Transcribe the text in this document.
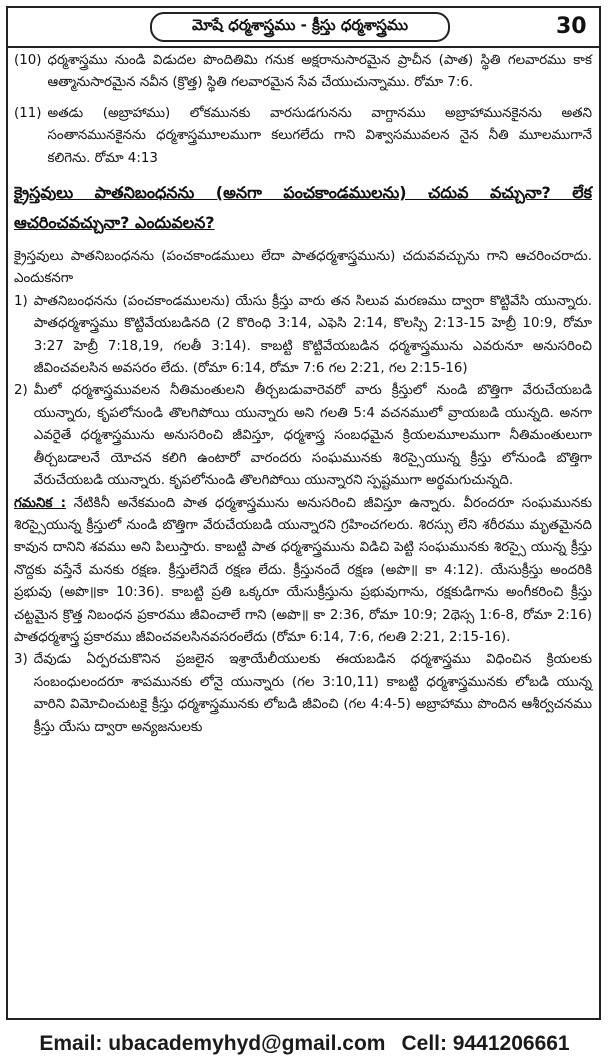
మోషే ధర్మశాస్త్రము - క్రీస్తు ధర్మశాస్త్రము	30
(10) ధర్మశాస్త్రము నుండి విడుదల పొందితిమి గనుక అక్షరానుసారమైన ప్రాచీన (పాత) స్థితి గలవారము కాక ఆత్మానుసారమైన నవీన (క్రొత్త) స్థితి గలవారమైన సేవ చేయుచున్నాము. రోమా 7:6.
(11) అతడు (అబ్రాహాము) లోకమునకు వారసుడగునను వాగ్దానము అబ్రాహామునకైనను అతని సంతానమునకైనను ధర్మశాస్త్రమూలముగా కలుగలేదు గాని విశ్వాసమువలన నైన నీతి మూలముగానే కలిగెను. రోమా 4:13

క్రైస్తవులు పాతనిబంధనను (అనగా పంచకాండములను) చదువ వచ్చునా? లేక ఆచరించవచ్చునా? ఎందువలన?

క్రైస్తవులు పాతనిబంధనను (పంచకాండములు లేదా పాతధర్మశాస్త్రమును) చదువవచ్చును గాని ఆచరించరాదు. ఎందుకనగా

1) పాతనిబంధనను (పంచకాండములను) యేసు క్రీస్తు వారు తన సిలువ మరణము ద్వారా కొట్టివేసి యున్నారు. పాతధర్మశాస్త్రము కొట్టివేయబడినది (2 కొరింధి 3:14, ఎఫెసి 2:14, కొలస్సి 2:13-15 హెబ్రీ 10:9, రోమా 3:27 హెబ్రీ 7:18,19, గలతీ 3:14). కాబట్టి కొట్టివేయబడిన ధర్మశాస్త్రమును ఎవరునూ అనుసరించి జీవించవలసిన అవసరం లేదు. (రోమా 6:14, రోమా 7:6 గల 2:21, గల 2:15-16)
2) మీలో ధర్మశాస్త్రమువలన నీతిమంతులని తీర్చబడువారెవరో వారు క్రీస్తులో నుండి బొత్తిగా వేరుచేయబడి యున్నారు, కృపలోనుండి తొలగిపోయి యున్నారు అని గలతి 5:4 వచనములో వ్రాయబడి యున్నది. అనగా ఎవరైతే ధర్మశాస్త్రమును అనుసరించి జీవిస్తూ, ధర్మశాస్త్ర సంబధమైన క్రియలమూలముగా నీతిమంతులుగా తీర్చబడాలనే యోచన కలిగి ఉంటారో వారందరు సంఘమునకు శిరస్సైయున్న క్రీస్తు లోనుండి బొత్తిగా వేరుచేయబడి యున్నారు. కృపలోనుండి తొలగిపోయి యున్నారని స్పష్టముగా అర్థమగుచున్నది.

గమనిక : నేటికినీ అనేకమంది పాత ధర్మశాస్త్రమును అనుసరించి జీవిస్తూ ఉన్నారు. వీరందరూ సంఘమునకు శిరస్సైయున్న క్రీస్తులో నుండి బొత్తిగా వేరుచేయబడి యున్నారని గ్రహించగలరు. శిరస్సు లేని శరీరము మృతమైనది కావున దానిని శవము అని పిలుస్తారు. కాబట్టి పాత ధర్మశాస్త్రమును విడిచి పెట్టి సంఘమునకు శిరస్సై యున్న క్రీస్తు నొద్దకు వస్తేనే మనకు రక్షణ. క్రీస్తులేనిదే రక్షణ లేదు. క్రీస్తునందే రక్షణ (అపొ॥ కా 4:12). యేసుక్రీస్తు అందరికి ప్రభువు (అపొ॥కా 10:36). కాబట్టి ప్రతి ఒక్కరూ యేసుక్రీస్తును ప్రభువుగాను, రక్షకుడిగాను అంగీకరించి క్రీస్తు చట్టమైన క్రొత్త నిబంధన ప్రకారము జీవించాలే గాని (అపొ॥ కా 2:36, రోమా 10:9; 2థెస్స 1:6-8, రోమా 2:16) పాతధర్మశాస్త్ర ప్రకారము జీవించవలసినవసరంలేదు (రోమా 6:14, 7:6, గలతి 2:21, 2:15-16).

3) దేవుడు ఏర్పరచుకొనిన ప్రజలైన ఇశ్రాయేలీయులకు ఈయబడిన ధర్మశాస్త్రము విధించిన క్రియలకు సంబంధులందరూ శాపమునకు లోనై యున్నారు (గల 3:10,11) కాబట్టి ధర్మశాస్త్రమునకు లోబడి యున్న వారిని విమోచించుటకై క్రీస్తు ధర్మశాస్త్రమునకు లోబడి జీవించి (గల 4:4-5) అబ్రాహాము పొందిన ఆశీర్వచనము క్రీస్తు యేసు ద్వారా అన్యజనులకు
Email: ubacademyhyd@gmail.com Cell: 9441206661
